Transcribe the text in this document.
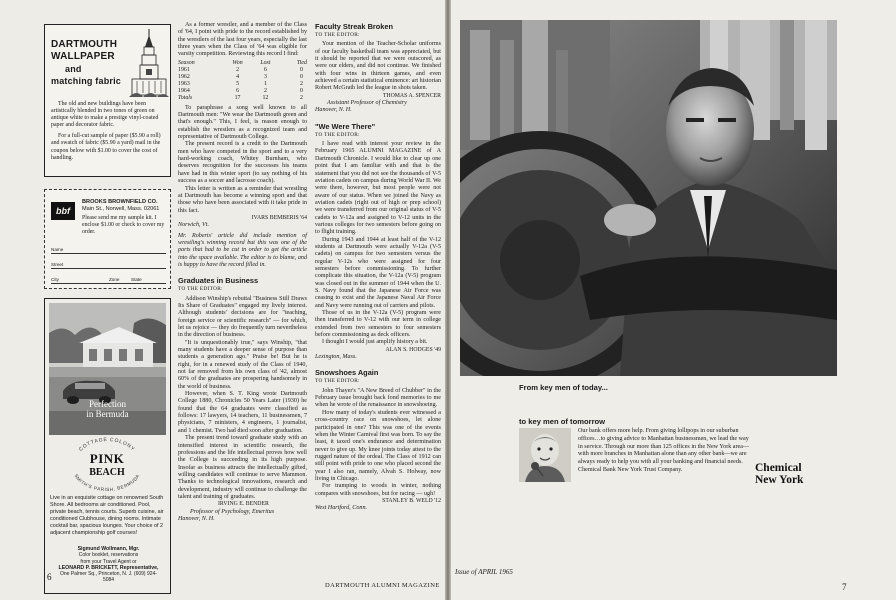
DARTMOUTH
WALLPAPER
and
matching fabric

The old and new buildings have been artistically blended in two tones of green on antique white to make a prestige vinyl-coated paper and decorator fabric.

For a full-cut sample of paper ($5.90 a roll) and swatch of fabric ($5.90 a yard) mail in the coupon below with $1.00 to cover the cost of handling.

bbf
BROOKS BROWNFIELD CO.
Main St., Norwell, Mass. 02061
Please send me my sample kit. I enclose $1.00 or check to cover my order.
Name
Street
City	Zone	State
Perfection
in Bermuda
COTTAGE COLONY
SMITH'S PARISH, BERMUDA
PINK
BEACH
Live in an exquisite cottage on renowned South Shore. All bedrooms air conditioned. Pool, private beach, tennis courts. Superb cuisine, air conditioned Clubhouse, dining rooms. Intimate cocktail bar, spacious lounges. Your choice of 2 adjacent championship golf courses!
Sigmund Wollmann, Mgr.
Color booklet, reservations
from your Travel Agent or
LEONARD P. BRICKETT, Representative,
One Palmer Sq., Princeton, N. J. (609) 924-5084

As a former wrestler, and a member of the Class of '64, I point with pride to the record established by the wrestlers of the last four years, especially the last three years when the Class of '64 was eligible for varsity competition. Reviewing this record I find:

Season	Won	Lost	Tied
1961	2	6	0
1962	4	3	0
1963	5	1	2
1964	6	2	0
Totals	17	12	2

To paraphrase a song well known to all Dartmouth men: "We wear the Dartmouth green and that's enough." This, I feel, is reason enough to establish the wrestlers as a recognized team and representative of Dartmouth College.

The present record is a credit to the Dartmouth men who have competed in the sport and to a very hard-working coach, Whitey Burnham, who deserves recognition for the successes his teams have had in this winter sport (to say nothing of his success as a soccer and lacrosse coach).

This letter is written as a reminder that wrestling at Dartmouth has become a winning sport and that those who have been associated with it take pride in this fact.

IVARS BEMBERIS '64

Norwich, Vt.

Mr. Roberts' article did include mention of wrestling's winning record but this was one of the parts that had to be cut in order to get the article into the space available. The editor is to blame, and is happy to have the record filled in.

Graduates in Business

TO THE EDITOR:

Addison Winship's rebuttal "Business Still Draws Its Share of Graduates" engaged my lively interest. Although students' decisions are for "teaching, foreign service or scientific research" — for which, let us rejoice — they do frequently turn nevertheless in the direction of business.

"It is unquestionably true," says Winship, "that many students have a deeper sense of purpose than students a generation ago." Praise be! But he is right, for in a renewed study of the Class of 1940, not far removed from his own class of '42, almost 60% of the graduates are prospering handsomely in the world of business.

However, when S. T. King wrote Dartmouth College 1880, Chronicles 50 Years Later (1930) he found that the 64 graduates were classified as follows: 17 lawyers, 14 teachers, 11 businessmen, 7 physicians, 7 ministers, 4 engineers, 1 journalist, and 1 chemist. Two had died soon after graduation.

The present trend toward graduate study with an intensified interest in scientific research, the professions and the life intellectual proves how well the College is succeeding in its high purpose. Insofar as business attracts the intellectually gifted, willing candidates will continue to serve Mammon. Thanks to technological innovations, research and development, industry will continue to challenge the talent and training of graduates.

IRVING E. BENDER

Professor of Psychology, Emeritus

Hanover, N. H.

Faculty Streak Broken

TO THE EDITOR:

Your mention of the Teacher-Scholar uniforms of our faculty basketball team was appreciated, but it should be reported that we were outscored, as were our elders, and did not continue. We finished with four wins in thirteen games, and even achieved a certain statistical eminence: art historian Robert McGrath led the league in shots taken.

THOMAS A. SPENCER

Assistant Professor of Chemistry

Hanover, N. H.

"We Were There"

TO THE EDITOR:

I have read with interest your review in the February 1965 ALUMNI MAGAZINE of A Dartmouth Chronicle. I would like to clear up one point that I am familiar with and that is the statement that you did not see the thousands of V-5 aviation cadets on campus during World War II. We were there, however, but most people were not aware of our status. When we joined the Navy as aviation cadets (right out of high or prep school) we were transferred from our original status of V-5 cadets to V-12a and assigned to V-12 units in the various colleges for two semesters before going on to flight training.

During 1943 and 1944 at least half of the V-12 students at Dartmouth were actually V-12a (V-5 cadets) on campus for two semesters versus the regular V-12s who were assigned for four semesters before commissioning. To further complicate this situation, the V-12a (V-5) program was closed out in the summer of 1944 when the U. S. Navy found that the Japanese Air Force was ceasing to exist and the Japanese Naval Air Force and Navy were running out of carriers and pilots.

Those of us in the V-12a (V-5) program were then transferred to V-12 with our term in college extended from two semesters to four semesters before commissioning as deck officers.

I thought I would just amplify history a bit.

ALAN S. HODGES '49

Lexington, Mass.

Snowshoes Again

TO THE EDITOR:

John Thayer's "A New Breed of Chubber" in the February issue brought back fond memories to me when he wrote of the renaissance in snowshoeing.

How many of today's students ever witnessed a cross-country race on snowshoes, let alone participated in one? This was one of the events when the Winter Carnival first was born. To say the least, it taxed one's endurance and determination never to give up. My knee joints today attest to the rugged nature of the ordeal. The Class of 1912 can still point with pride to one who placed second the year I also ran, namely, Alvah S. Holway, now living in Chicago.

For tramping to woods in winter, nothing compares with snowshoes, but for racing — ugh!

STANLEY B. WELD '12

West Hartford, Conn.

6
DARTMOUTH ALUMNI MAGAZINE
From key men of today...
to key men of tomorrow
Our bank offers more help. From giving lollipops in our suburban offices…to giving advice to Manhattan businessmen, we lead the way in service. Through our more than 125 offices in the New York area—with more branches in Manhattan alone than any other bank—we are always ready to help you with all your banking and financial needs. Chemical Bank New York Trust Company.	Chemical
New York
Issue of APRIL 1965
7
